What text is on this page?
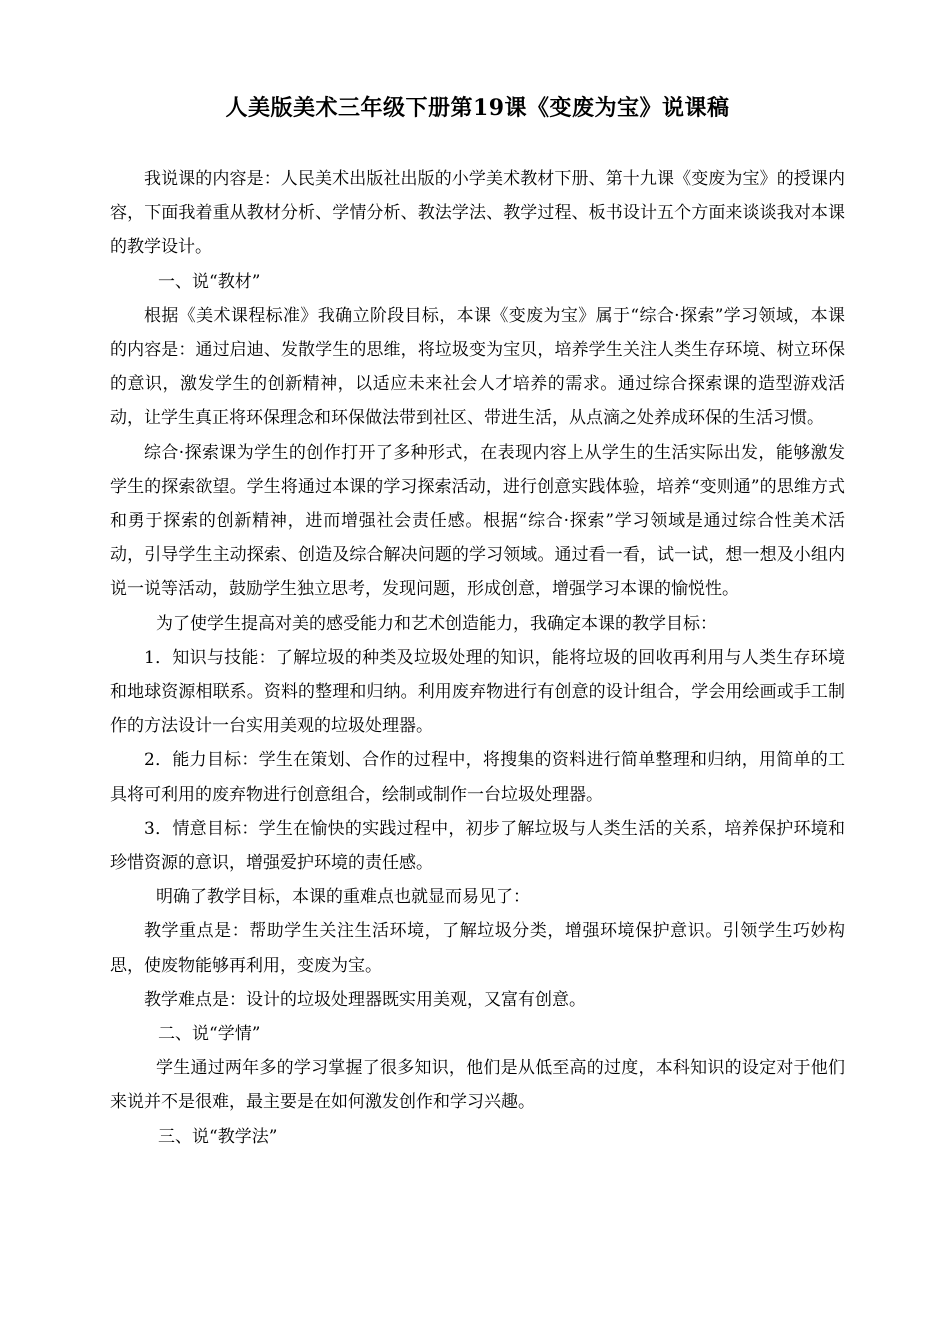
人美版美术三年级下册第19课《变废为宝》说课稿

我说课的内容是：人民美术出版社出版的小学美术教材下册、第十九课《变废为宝》的授课内容，下面我着重从教材分析、学情分析、教法学法、教学过程、板书设计五个方面来谈谈我对本课的教学设计。

一、说“教材”

根据《美术课程标准》我确立阶段目标，本课《变废为宝》属于“综合·探索”学习领域，本课的内容是：通过启迪、发散学生的思维，将垃圾变为宝贝，培养学生关注人类生存环境、树立环保的意识，激发学生的创新精神，以适应未来社会人才培养的需求。通过综合探索课的造型游戏活动，让学生真正将环保理念和环保做法带到社区、带进生活，从点滴之处养成环保的生活习惯。

综合·探索课为学生的创作打开了多种形式，在表现内容上从学生的生活实际出发，能够激发学生的探索欲望。学生将通过本课的学习探索活动，进行创意实践体验，培养“变则通”的思维方式和勇于探索的创新精神，进而增强社会责任感。根据“综合·探索”学习领域是通过综合性美术活动，引导学生主动探索、创造及综合解决问题的学习领域。通过看一看，试一试，想一想及小组内说一说等活动，鼓励学生独立思考，发现问题，形成创意，增强学习本课的愉悦性。

为了使学生提高对美的感受能力和艺术创造能力，我确定本课的教学目标：

1．知识与技能：了解垃圾的种类及垃圾处理的知识，能将垃圾的回收再利用与人类生存环境和地球资源相联系。资料的整理和归纳。利用废弃物进行有创意的设计组合，学会用绘画或手工制作的方法设计一台实用美观的垃圾处理器。

2．能力目标：学生在策划、合作的过程中，将搜集的资料进行简单整理和归纳，用简单的工具将可利用的废弃物进行创意组合，绘制或制作一台垃圾处理器。

3．情意目标：学生在愉快的实践过程中，初步了解垃圾与人类生活的关系，培养保护环境和珍惜资源的意识，增强爱护环境的责任感。

明确了教学目标，本课的重难点也就显而易见了：

教学重点是：帮助学生关注生活环境，了解垃圾分类，增强环境保护意识。引领学生巧妙构思，使废物能够再利用，变废为宝。

教学难点是：设计的垃圾处理器既实用美观，又富有创意。

二、说“学情”

学生通过两年多的学习掌握了很多知识，他们是从低至高的过度，本科知识的设定对于他们来说并不是很难，最主要是在如何激发创作和学习兴趣。

三、说“教学法”
